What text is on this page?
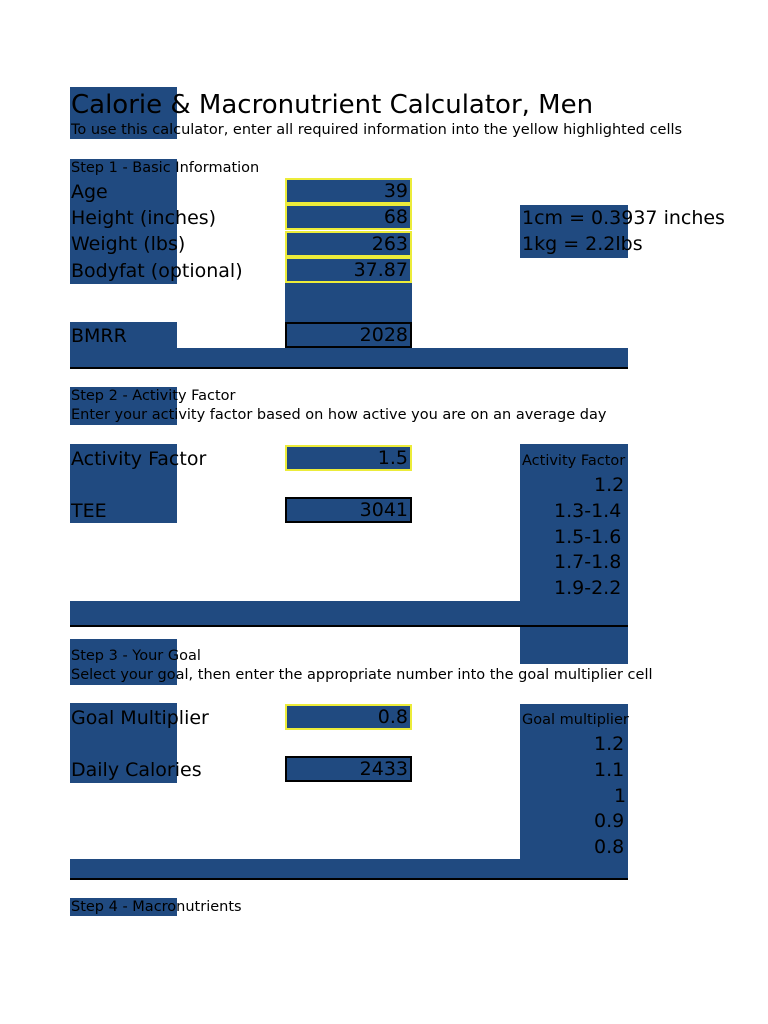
Calorie & Macronutrient Calculator, Men
To use this calculator, enter all required information into the yellow highlighted cells
Step 1 - Basic Information
Age
Height (inches)
Weight (lbs)
Bodyfat (optional)
39
68
263
37.87
1cm = 0.3937 inches
1kg = 2.2lbs
BMRR	2028
Step 2 - Activity Factor
Enter your activity factor based on how active you are on an average day
Activity Factor
TEE
1.5
3041
Activity Factor
1.2
1.3-1.4
1.5-1.6
1.7-1.8
1.9-2.2
Step 3 - Your Goal
Select your goal, then enter the appropriate number into the goal multiplier cell
Goal Multiplier
Daily Calories
0.8
2433
Goal multiplier
1.2
1.1
1
0.9
0.8
Step 4 - Macronutrients
